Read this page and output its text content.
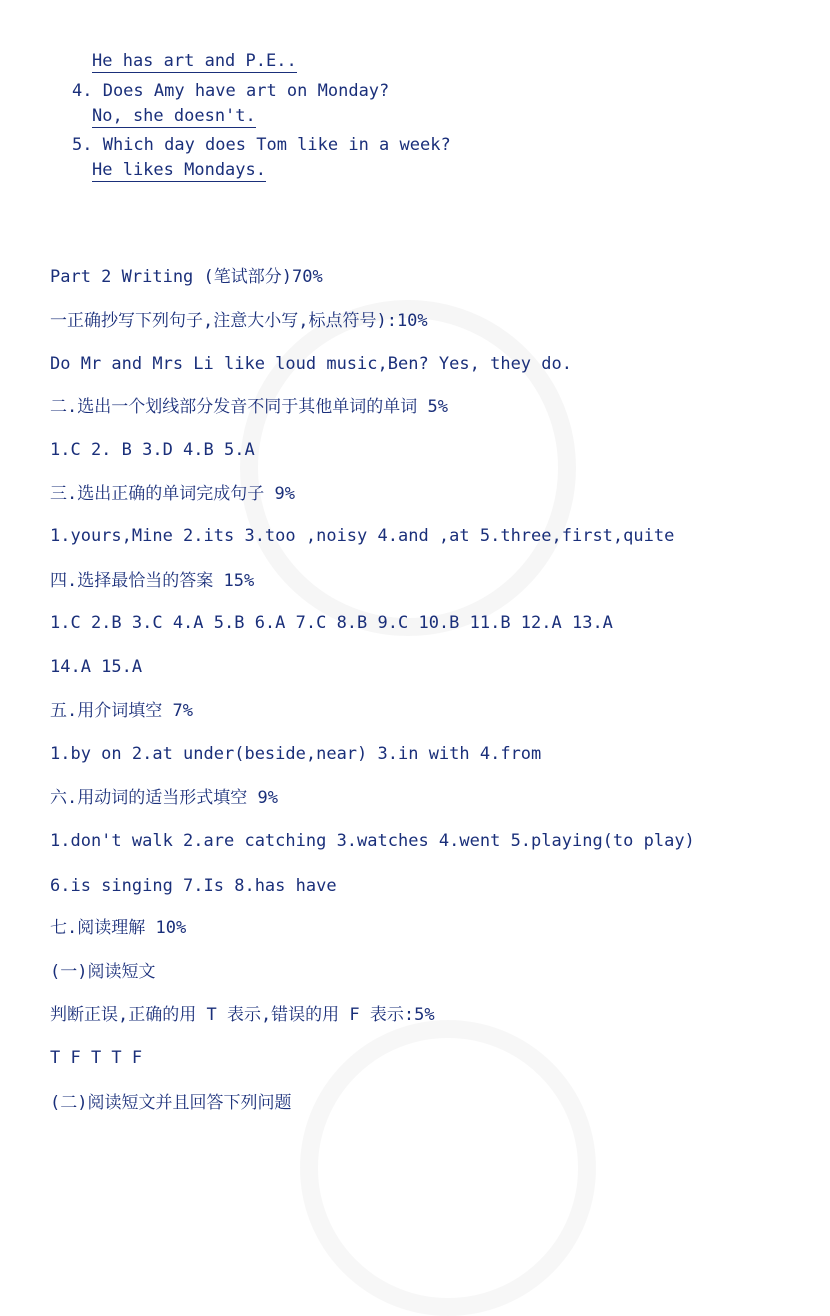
He has art and P.E..
4. Does Amy have art on Monday?
No, she doesn't.
5. Which day does Tom like in a week?
He likes Mondays.
Part 2 Writing (笔试部分)70%
一正确抄写下列句子,注意大小写,标点符号):10%
Do Mr and Mrs Li like loud music,Ben? Yes, they do.
二.选出一个划线部分发音不同于其他单词的单词 5%
1.C 2. B 3.D 4.B 5.A
三.选出正确的单词完成句子 9%
1.yours,Mine 2.its 3.too ,noisy 4.and ,at 5.three,first,quite
四.选择最恰当的答案 15%
1.C 2.B 3.C 4.A 5.B 6.A 7.C 8.B 9.C 10.B 11.B 12.A 13.A
14.A 15.A
五.用介词填空 7%
1.by on 2.at under(beside,near) 3.in with 4.from
六.用动词的适当形式填空 9%
1.don't walk 2.are catching 3.watches 4.went 5.playing(to play)
6.is singing 7.Is 8.has have
七.阅读理解 10%
(一)阅读短文
判断正误,正确的用 T 表示,错误的用 F 表示:5%
T F T T F
(二)阅读短文并且回答下列问题
